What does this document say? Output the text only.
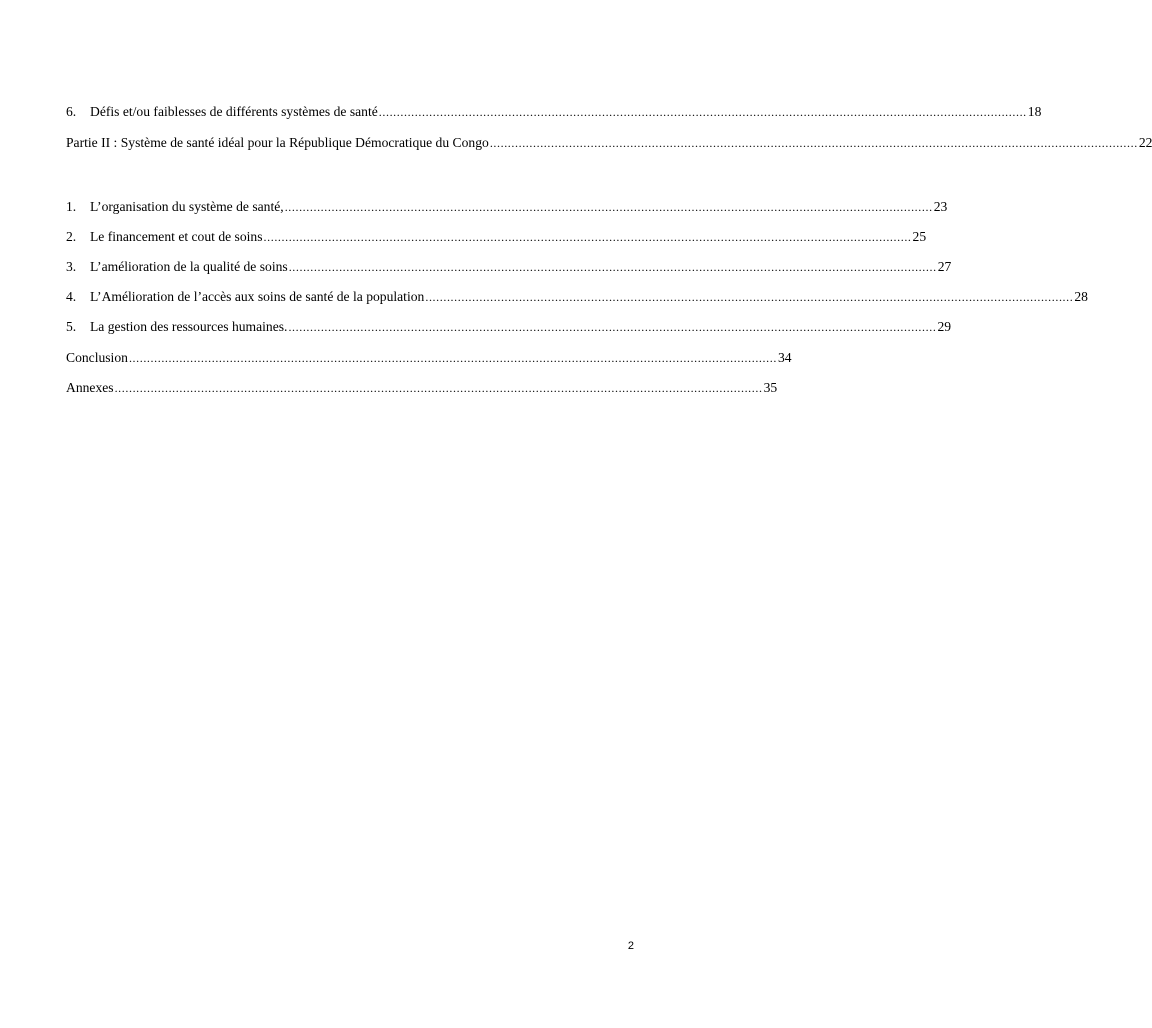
6.	Défis et/ou faiblesses de différents systèmes de santé .................................................................................................................................................................................... 18
Partie II : Système de santé idéal pour la République Démocratique du Congo .................................................................................................................................................................................... 22
1.	L’organisation du système de santé, .................................................................................................................................................................................... 23
2.	Le financement et cout de soins .................................................................................................................................................................................... 25
3.	L’amélioration de la qualité de soins .................................................................................................................................................................................... 27
4.	L’Amélioration de l’accès aux soins de santé de la population .................................................................................................................................................................................... 28
5.	La gestion des ressources humaines. .................................................................................................................................................................................... 29
Conclusion .................................................................................................................................................................................... 34
Annexes .................................................................................................................................................................................... 35
2
